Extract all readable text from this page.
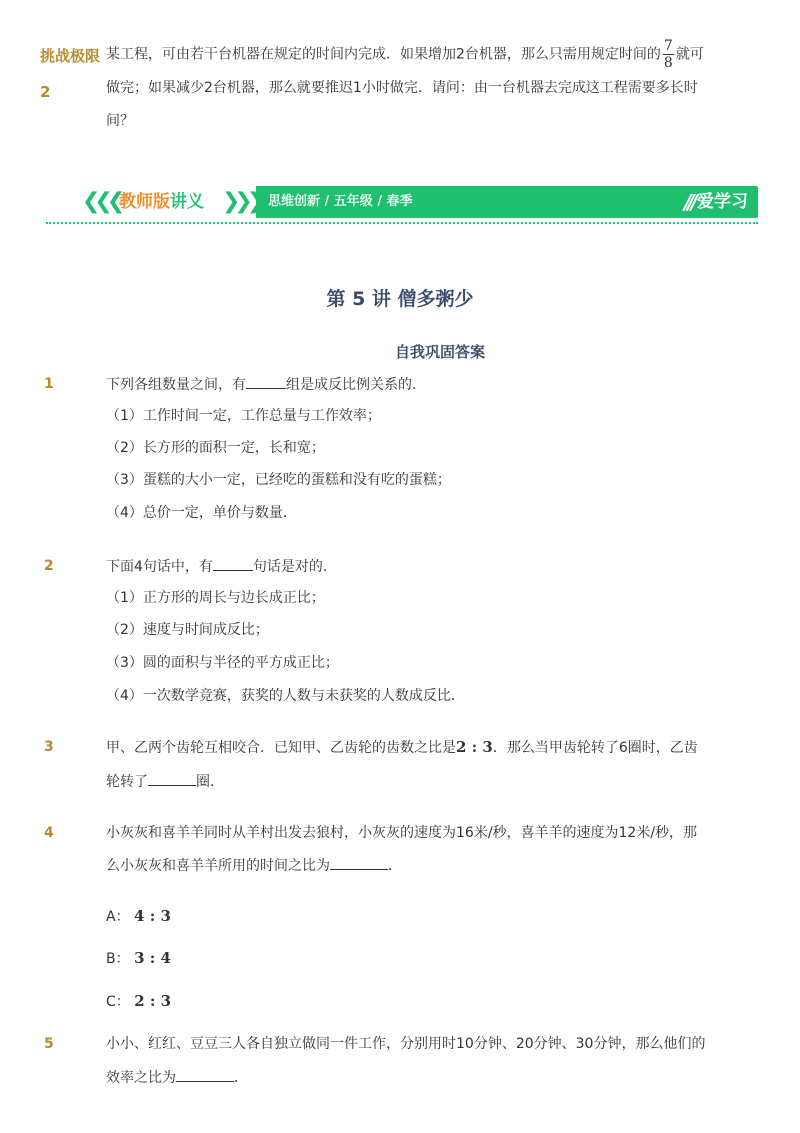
挑战极限2
某工程，可由若干台机器在规定的时间内完成．如果增加2台机器，那么只需用规定时间的 $\frac{7}{8}$ 就可
做完；如果减少2台机器，那么就要推迟1小时做完．请问：由一台机器去完成这工程需要多长时
间？
❮❮❮ 教师版讲义 ❯❯❯ 思维创新 / 五年级 / 春季	/// 爱学习
第 5 讲 僧多粥少
自我巩固答案
1	下列各组数量之间，有	组是成反比例关系的．
（1）工作时间一定，工作总量与工作效率；
（2）长方形的面积一定，长和宽；
（3）蛋糕的大小一定，已经吃的蛋糕和没有吃的蛋糕；
（4）总价一定，单价与数量．
2	下面4句话中，有	句话是对的．
（1）正方形的周长与边长成正比；
（2）速度与时间成反比；
（3）圆的面积与半径的平方成正比；
（4）一次数学竞赛，获奖的人数与未获奖的人数成反比．
3	甲、乙两个齿轮互相咬合．已知甲、乙齿轮的齿数之比是2 : 3．那么当甲齿轮转了6圈时，乙齿
轮转了	圈．
4	小灰灰和喜羊羊同时从羊村出发去狼村，小灰灰的速度为16米/秒，喜羊羊的速度为12米/秒，那
么小灰灰和喜羊羊所用的时间之比为	．
A： 4 : 3
B： 3 : 4
C： 2 : 3
5	小小、红红、豆豆三人各自独立做同一件工作，分别用时10分钟、20分钟、30分钟，那么他们的
效率之比为	．
